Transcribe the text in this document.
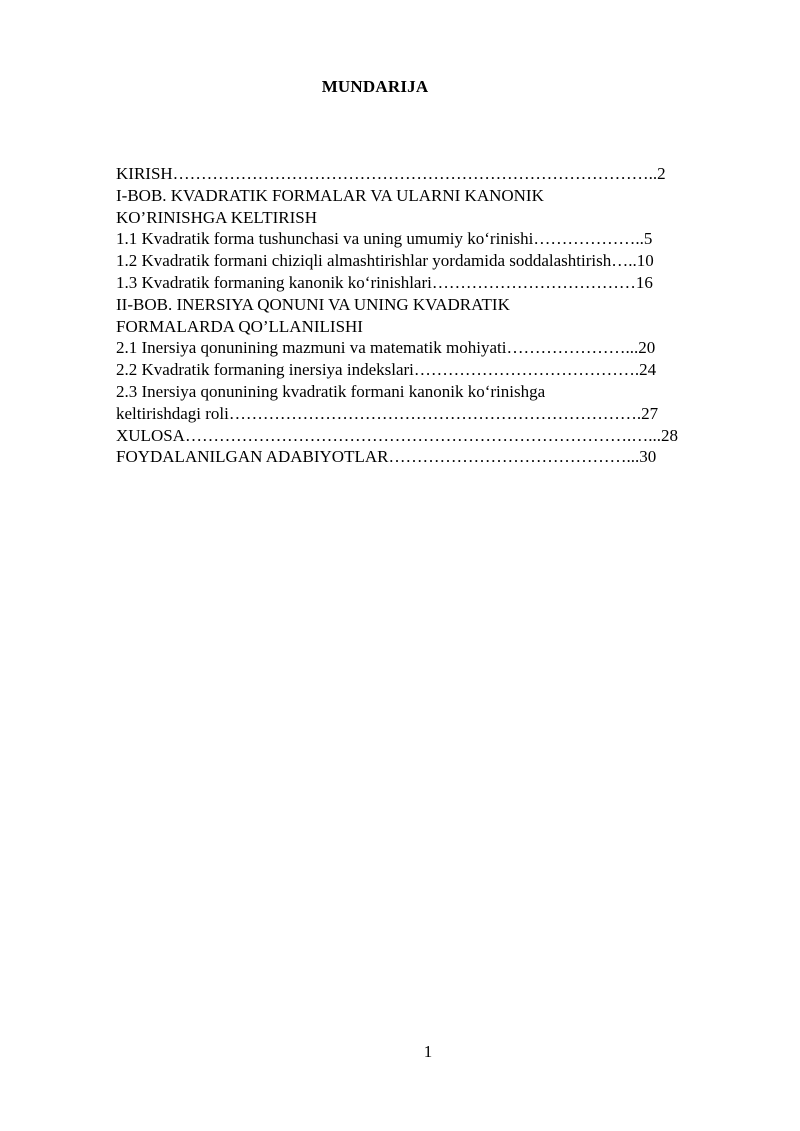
MUNDARIJA

KIRISH…………………………………………………………………………..2

I-BOB. KVADRATIK FORMALAR VA ULARNI KANONIK

KO’RINISHGA KELTIRISH

1.1 Kvadratik forma tushunchasi va uning umumiy ko‘rinishi………………..5

1.2 Kvadratik formani chiziqli almashtirishlar yordamida soddalashtirish…..10

1.3 Kvadratik formaning kanonik ko‘rinishlari………………………………16

II-BOB. INERSIYA QONUNI VA UNING KVADRATIK

FORMALARDA QO’LLANILISHI

2.1 Inersiya qonunining mazmuni va matematik mohiyati…………………...20

2.2 Kvadratik formaning inersiya indekslari………………………………….24

2.3 Inersiya qonunining kvadratik formani kanonik ko‘rinishga

keltirishdagi roli……………………………………………………………….27

XULOSA…………………………………………………………………….…...28

FOYDALANILGAN ADABIYOTLAR……………………………………...30

1
